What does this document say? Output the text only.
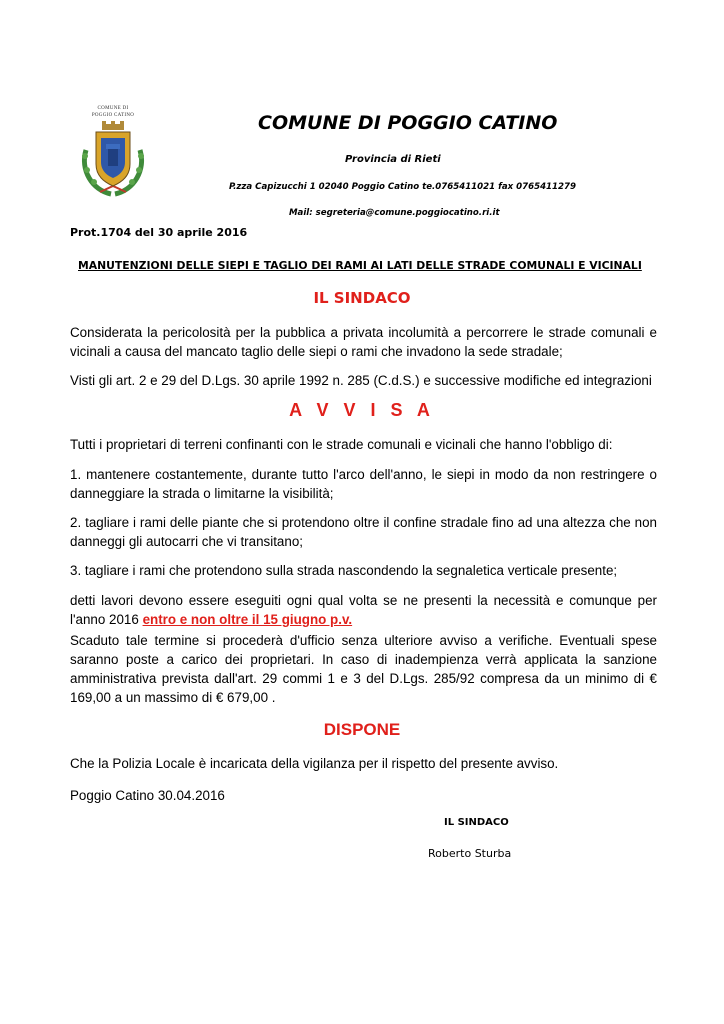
COMUNE DI
POGGIO CATINO	COMUNE DI POGGIO CATINO
Provincia di Rieti
P.zza Capizucchi 1 02040 Poggio Catino te.0765411021 fax 0765411279
Mail: segreteria@comune.poggiocatino.ri.it
Prot.1704 del 30 aprile 2016
MANUTENZIONI DELLE SIEPI E TAGLIO DEI RAMI AI LATI DELLE STRADE COMUNALI E VICINALI
IL SINDACO
Considerata la pericolosità per la pubblica a privata incolumità a percorrere le strade comunali e vicinali a causa del mancato taglio delle siepi o rami che invadono la sede stradale;
Visti gli art. 2 e 29 del D.Lgs. 30 aprile 1992 n. 285 (C.d.S.) e successive modifiche ed integrazioni
A V V I S A
Tutti i proprietari di terreni confinanti con le strade comunali e vicinali che hanno l'obbligo di:
1. mantenere costantemente, durante tutto l'arco dell'anno, le siepi in modo da non restringere o danneggiare la strada o limitarne la visibilità;
2. tagliare i rami delle piante che si protendono oltre il confine stradale fino ad una altezza che non danneggi gli autocarri che vi transitano;
3. tagliare i rami che protendono sulla strada nascondendo la segnaletica verticale presente;
detti lavori devono essere eseguiti ogni qual volta se ne presenti la necessità e comunque per l'anno 2016 entro e non oltre il 15 giugno p.v.
Scaduto tale termine si procederà d'ufficio senza ulteriore avviso a verifiche. Eventuali spese saranno poste a carico dei proprietari. In caso di inadempienza verrà applicata la sanzione amministrativa prevista dall'art. 29 commi 1 e 3 del D.Lgs. 285/92 compresa da un minimo di € 169,00 a un massimo di € 679,00 .
DISPONE
Che la Polizia Locale è incaricata della vigilanza per il rispetto del presente avviso.
Poggio Catino 30.04.2016
IL SINDACO
Roberto Sturba
